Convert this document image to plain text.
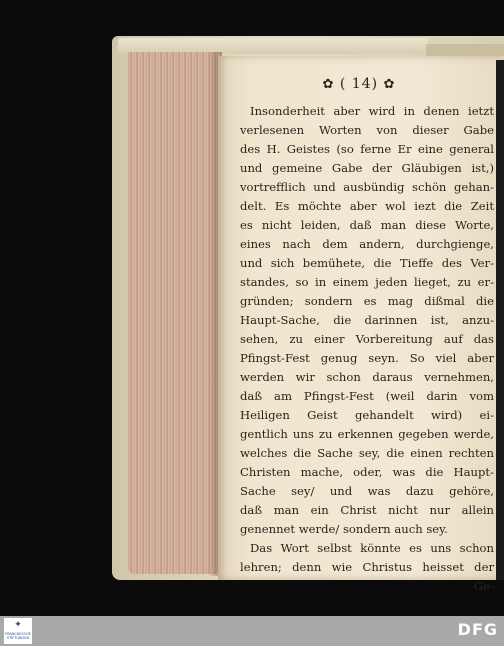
✿ ( 14) ✿
Insonderheit aber wird in denen ietzt
verlesenen Worten von dieser Gabe
des H. Geistes (so ferne Er eine general
und gemeine Gabe der Gläubigen ist,)
vortrefflich und ausbündig schön gehan-
delt. Es möchte aber wol iezt die Zeit
es nicht leiden, daß man diese Worte,
eines nach dem andern, durchgienge,
und sich bemühete, die Tieffe des Ver-
standes, so in einem jeden lieget, zu er-
gründen; sondern es mag dißmal die
Haupt-Sache, die darinnen ist, anzu-
sehen, zu einer Vorbereitung auf das
Pfingst-Fest genug seyn. So viel aber
werden wir schon daraus vernehmen,
daß am Pfingst-Fest (weil darin vom
Heiligen Geist gehandelt wird) ei-
gentlich uns zu erkennen gegeben werde,
welches die Sache sey, die einen rechten
Christen mache, oder, was die Haupt-
Sache sey/ und was dazu gehöre,
daß man ein Christ nicht nur allein
genennet werde/ sondern auch sey.
Das Wort selbst könnte es uns schon
lehren; denn wie Christus heisset der
Ge-
✦
FRANCKESCHE STIFTUNGEN	DFG
